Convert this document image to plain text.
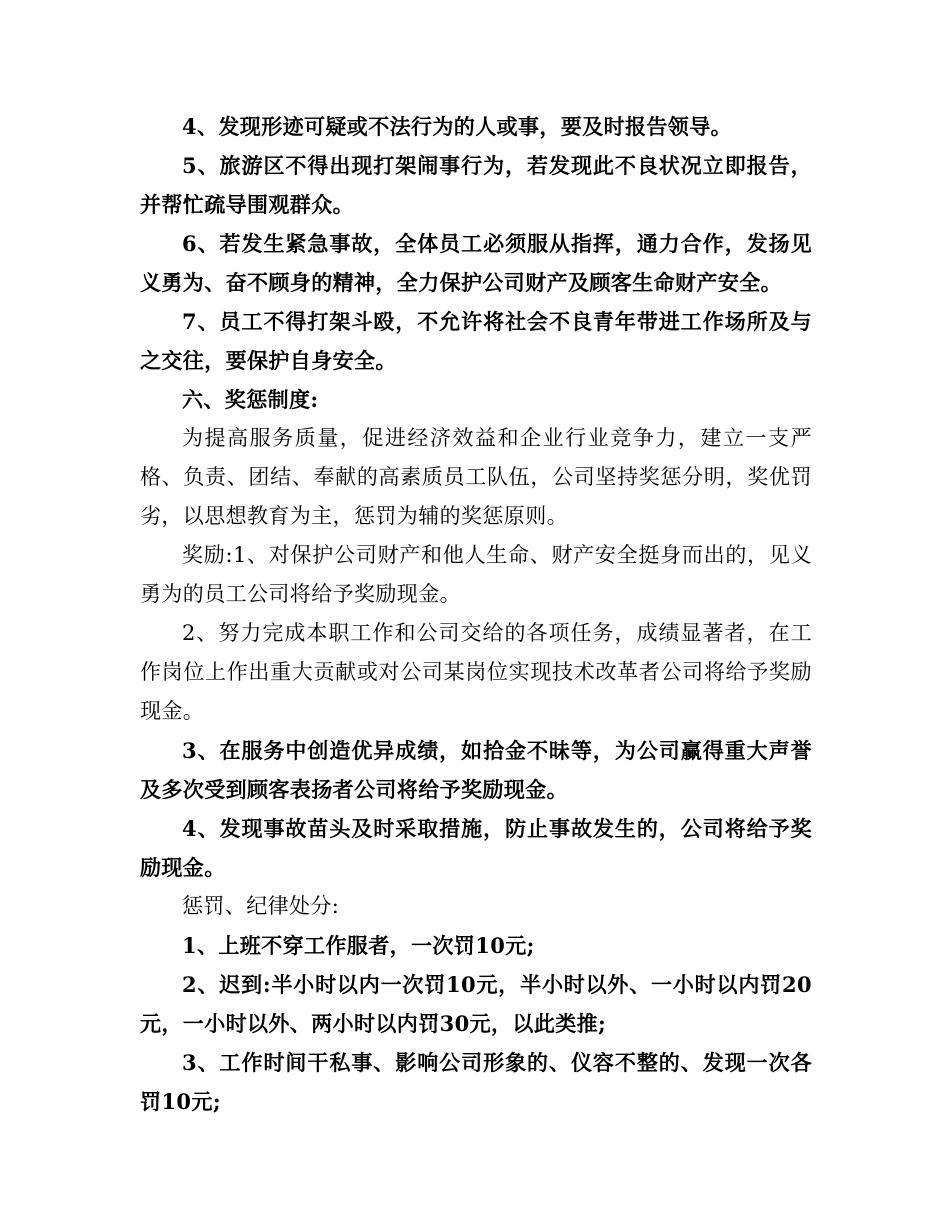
4、发现形迹可疑或不法行为的人或事，要及时报告领导。

5、旅游区不得出现打架闹事行为，若发现此不良状况立即报告，并帮忙疏导围观群众。

6、若发生紧急事故，全体员工必须服从指挥，通力合作，发扬见义勇为、奋不顾身的精神，全力保护公司财产及顾客生命财产安全。

7、员工不得打架斗殴，不允许将社会不良青年带进工作场所及与之交往，要保护自身安全。

六、奖惩制度:

为提高服务质量，促进经济效益和企业行业竞争力，建立一支严格、负责、团结、奉献的高素质员工队伍，公司坚持奖惩分明，奖优罚劣，以思想教育为主，惩罚为辅的奖惩原则。

奖励:1、对保护公司财产和他人生命、财产安全挺身而出的，见义勇为的员工公司将给予奖励现金。

2、努力完成本职工作和公司交给的各项任务，成绩显著者，在工作岗位上作出重大贡献或对公司某岗位实现技术改革者公司将给予奖励现金。

3、在服务中创造优异成绩，如拾金不昧等，为公司赢得重大声誉及多次受到顾客表扬者公司将给予奖励现金。

4、发现事故苗头及时采取措施，防止事故发生的，公司将给予奖励现金。

惩罚、纪律处分:

1、上班不穿工作服者，一次罚10元;

2、迟到:半小时以内一次罚10元，半小时以外、一小时以内罚20元，一小时以外、两小时以内罚30元，以此类推;

3、工作时间干私事、影响公司形象的、仪容不整的、发现一次各罚10元;
